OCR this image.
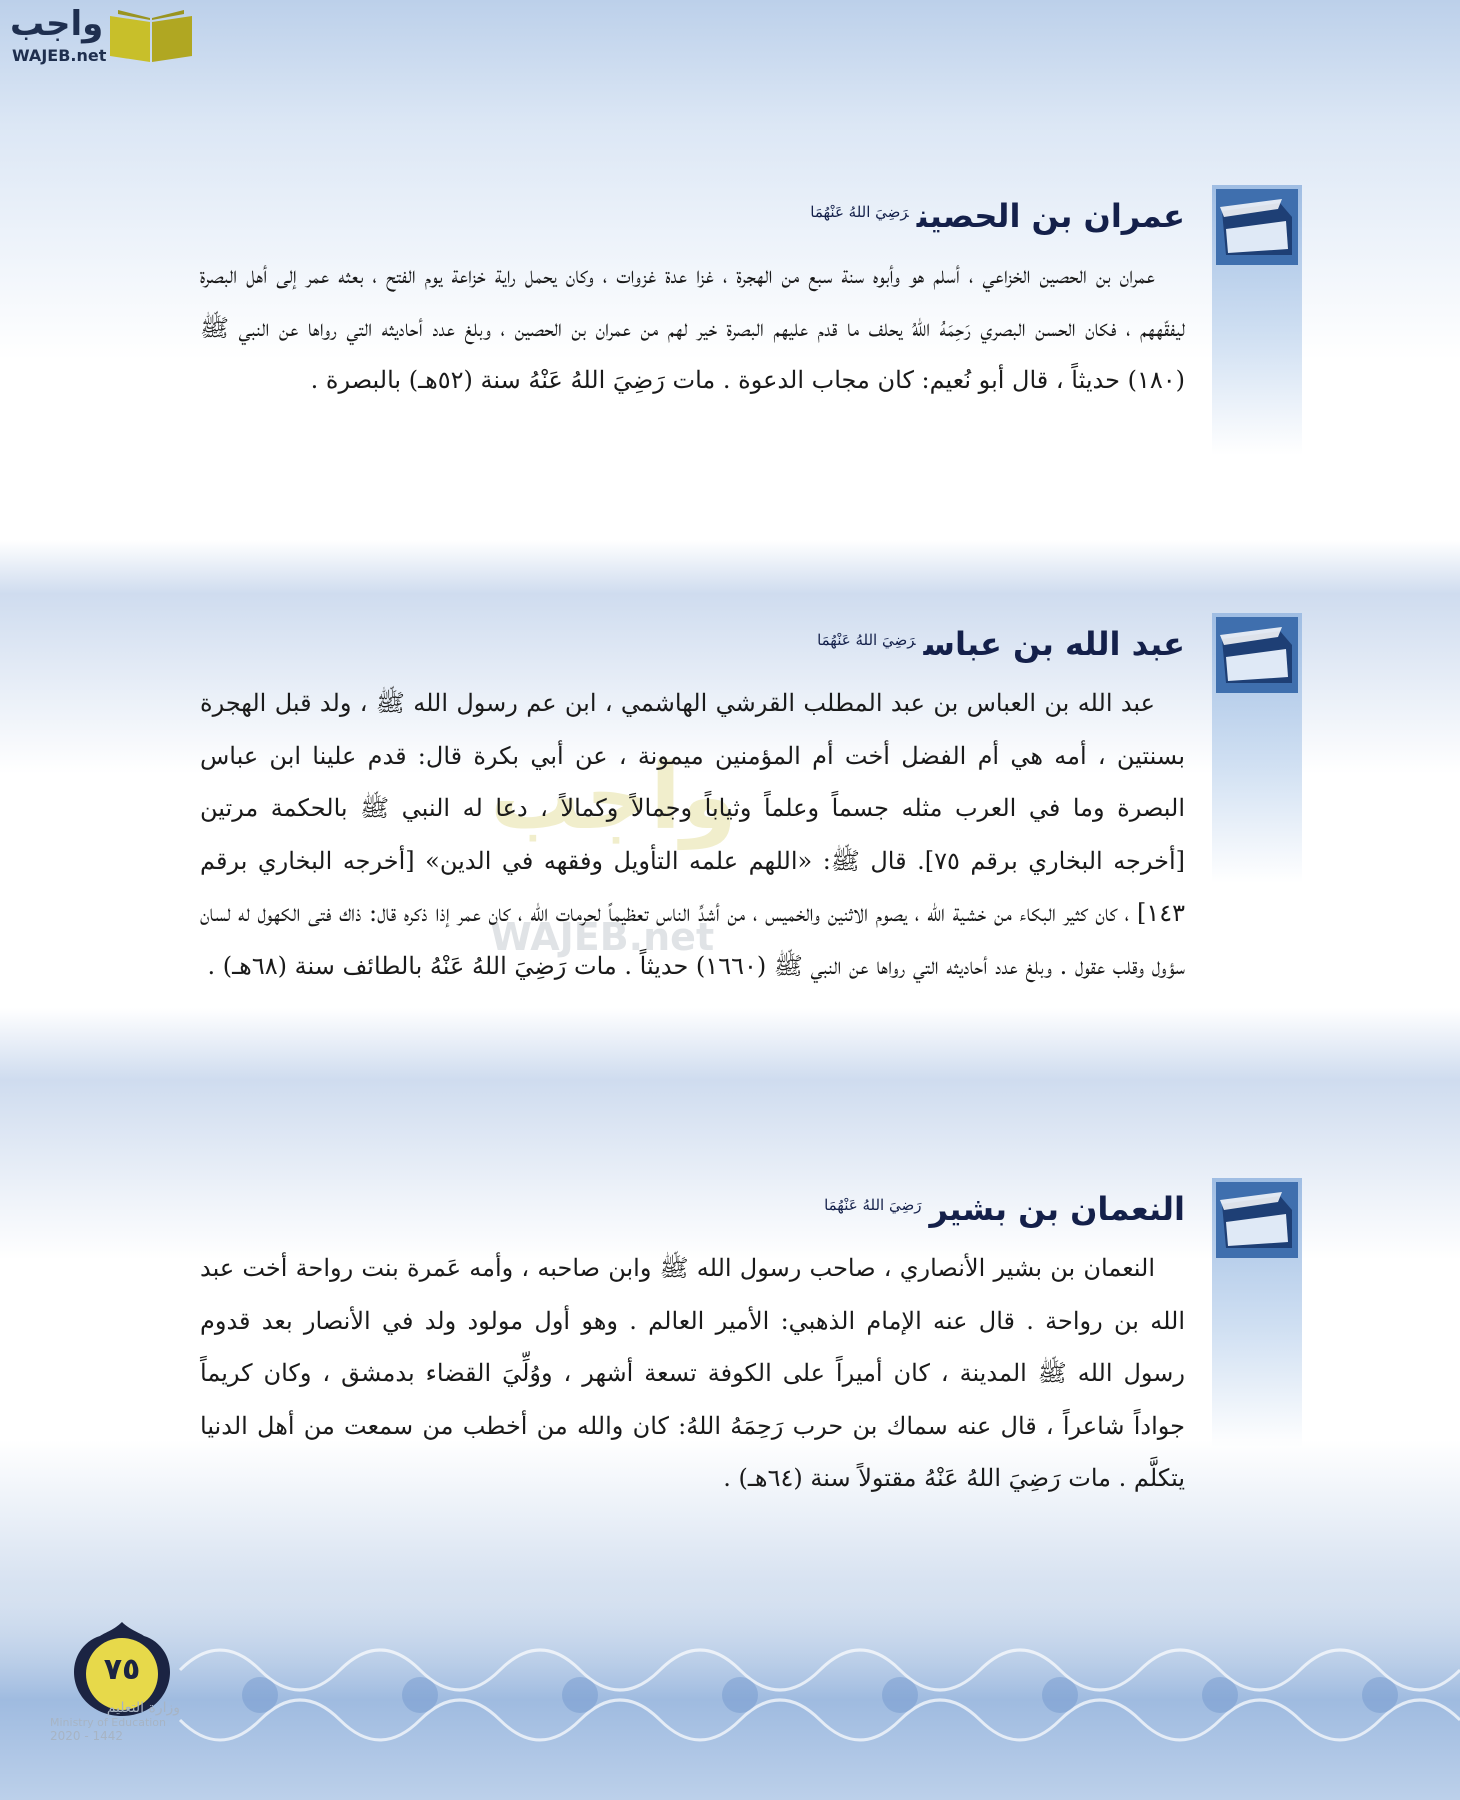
واجب
WAJEB.net
عمران بن الحصين$^{رَضِيَ اللهُ عَنْهُمَا}$

عمران بن الحصين الخزاعي ، أسلم هو وأبوه سنة سبع من الهجرة ، غزا عدة غزوات ، وكان يحمل راية خزاعة يوم الفتح ، بعثه عمر إلى أهل البصرة ليفقّههم ، فكان الحسن البصري رَحِمَهُ اللهُ يحلف ما قدم عليهم البصرة خير لهم من عمران بن الحصين ، وبلغ عدد أحاديثه التي رواها عن النبي ﷺ (١٨٠) حديثاً ، قال أبو نُعيم: كان مجاب الدعوة . مات رَضِيَ اللهُ عَنْهُ سنة (٥٢هـ) بالبصرة .

واجب
WAJEB.net
عبد الله بن عباس$^{رَضِيَ اللهُ عَنْهُمَا}$

عبد الله بن العباس بن عبد المطلب القرشي الهاشمي ، ابن عم رسول الله ﷺ ، ولد قبل الهجرة بسنتين ، أمه هي أم الفضل أخت أم المؤمنين ميمونة ، عن أبي بكرة قال: قدم علينا ابن عباس البصرة وما في العرب مثله جسماً وعلماً وثياباً وجمالاً وكمالاً ، دعا له النبي ﷺ بالحكمة مرتين [أخرجه البخاري برقم ٧٥]. قال ﷺ: «اللهم علمه التأويل وفقهه في الدين» [أخرجه البخاري برقم ١٤٣] ، كان كثير البكاء من خشية الله ، يصوم الاثنين والخميس ، من أشدِّ الناس تعظيماً لحرمات الله ، كان عمر إذا ذكره قال: ذاك فتى الكهول له لسان سؤول وقلب عقول . وبلغ عدد أحاديثه التي رواها عن النبي ﷺ (١٦٦٠) حديثاً . مات رَضِيَ اللهُ عَنْهُ بالطائف سنة (٦٨هـ) .

النعمان بن بشير$^{رَضِيَ اللهُ عَنْهُمَا}$

النعمان بن بشير الأنصاري ، صاحب رسول الله ﷺ وابن صاحبه ، وأمه عَمرة بنت رواحة أخت عبد الله بن رواحة . قال عنه الإمام الذهبي: الأمير العالم . وهو أول مولود ولد في الأنصار بعد قدوم رسول الله ﷺ المدينة ، كان أميراً على الكوفة تسعة أشهر ، ووُلِّيَ القضاء بدمشق ، وكان كريماً جواداً شاعراً ، قال عنه سماك بن حرب رَحِمَهُ اللهُ: كان والله من أخطب من سمعت من أهل الدنيا يتكلَّم . مات رَضِيَ اللهُ عَنْهُ مقتولاً سنة (٦٤هـ) .

٧٥
وزارة التعليم
Ministry of Education
2020 - 1442
